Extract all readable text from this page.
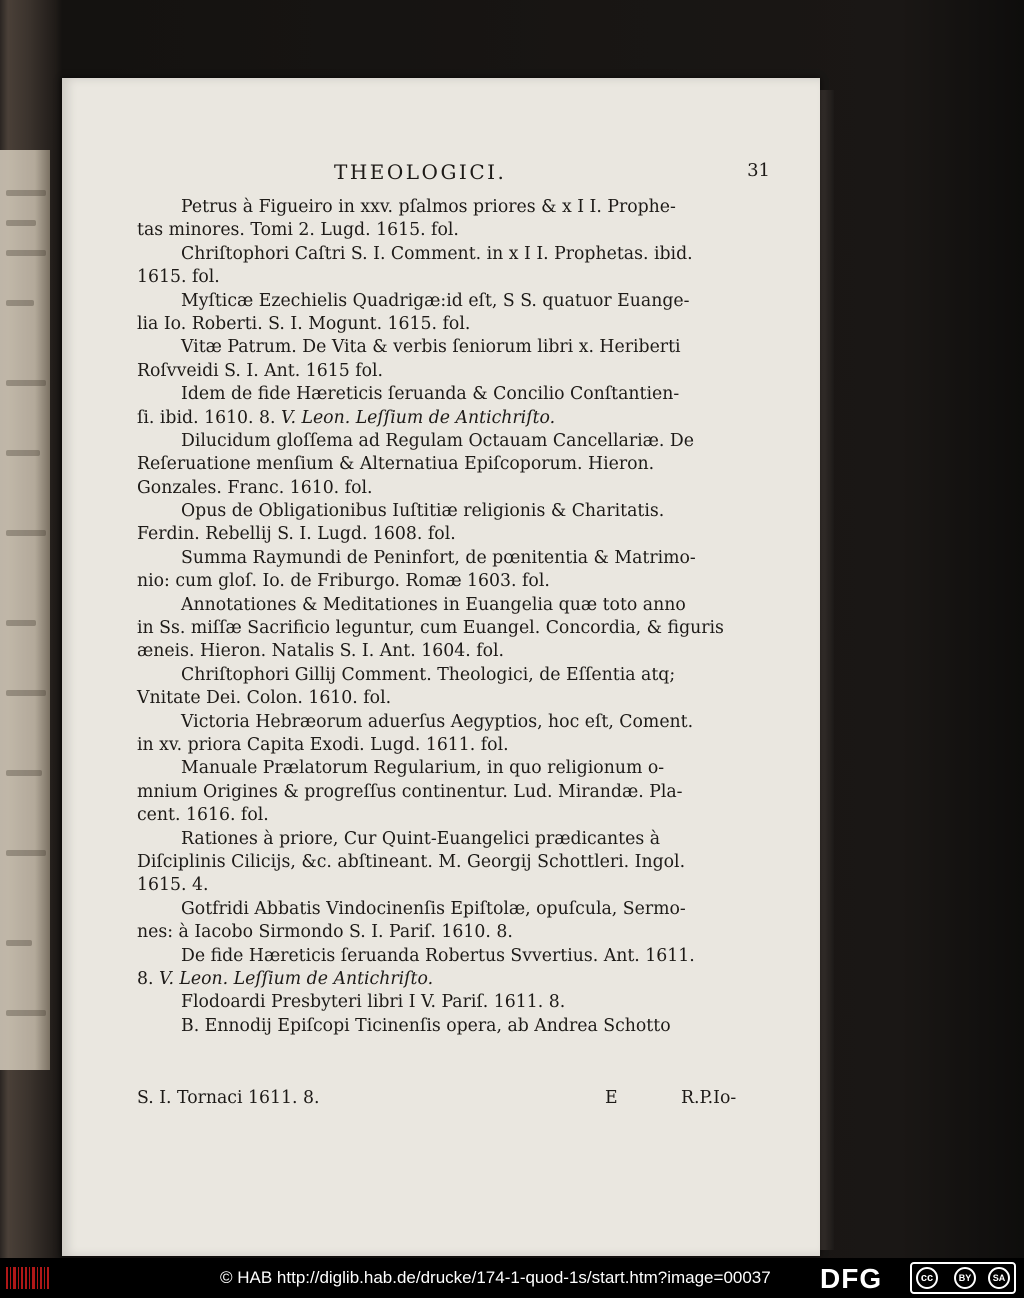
THEOLOGICI.	31

Petrus à Figueiro in xxv. pſalmos priores & x I I. Prophe-
tas minores. Tomi 2. Lugd. 1615. fol.

Chriſtophori Caſtri S. I. Comment. in x I I. Prophetas. ibid.
1615. fol.

Myſticæ Ezechielis Quadrigæ:id eſt, S S. quatuor Euange-
lia Io. Roberti. S. I. Mogunt. 1615. fol.

Vitæ Patrum. De Vita & verbis ſeniorum libri x. Heriberti
Roſvveidi S. I. Ant. 1615 fol.

Idem de fide Hæreticis ſeruanda & Concilio Conſtantien-
ſi. ibid. 1610. 8. V. Leon. Leſſium de Antichriſto.

Dilucidum gloſſema ad Regulam Octauam Cancellariæ. De
Reſeruatione menſium & Alternatiua Epiſcoporum. Hieron.
Gonzales. Franc. 1610. fol.

Opus de Obligationibus Iuſtitiæ religionis & Charitatis.
Ferdin. Rebellij S. I. Lugd. 1608. fol.

Summa Raymundi de Peninfort, de pœnitentia & Matrimo-
nio: cum gloſ. Io. de Friburgo. Romæ 1603. fol.

Annotationes & Meditationes in Euangelia quæ toto anno
in Ss. miſſæ Sacrificio leguntur, cum Euangel. Concordia, & figuris
æneis. Hieron. Natalis S. I. Ant. 1604. fol.

Chriſtophori Gillij Comment. Theologici, de Eſſentia atq;
Vnitate Dei. Colon. 1610. fol.

Victoria Hebræorum aduerſus Aegyptios, hoc eſt, Coment.
in xv. priora Capita Exodi. Lugd. 1611. fol.

Manuale Prælatorum Regularium, in quo religionum o-
mnium Origines & progreſſus continentur. Lud. Mirandæ. Pla-
cent. 1616. fol.

Rationes à priore, Cur Quint-Euangelici prædicantes à
Diſciplinis Cilicijs, &c. abſtineant. M. Georgij Schottleri. Ingol.
1615. 4.

Gotfridi Abbatis Vindocinenſis Epiſtolæ, opuſcula, Sermo-
nes: à Iacobo Sirmondo S. I. Pariſ. 1610. 8.

De fide Hæreticis ſeruanda Robertus Svvertius. Ant. 1611.
8. V. Leon. Leſſium de Antichriſto.

Flodoardi Presbyteri libri I V. Pariſ. 1611. 8.

B. Ennodij Epiſcopi Ticinenſis opera, ab Andrea Schotto

S. I. Tornaci 1611. 8.	E	R.P.Io-
© HAB http://diglib.hab.de/drucke/174-1-quod-1s/start.htm?image=00037 DFG	cc	BY	SA
